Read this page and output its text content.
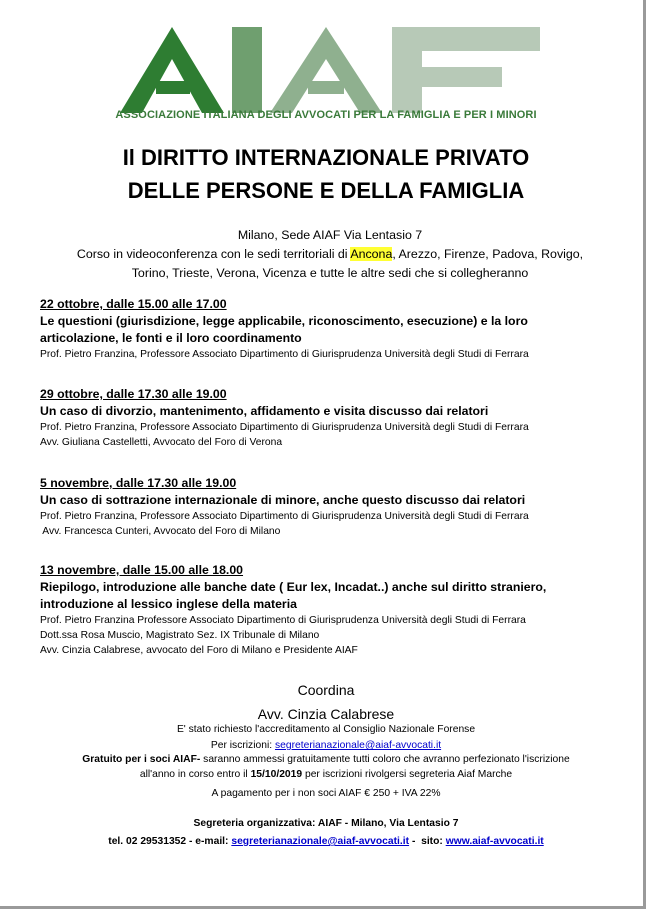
ASSOCIAZIONE ITALIANA DEGLI AVVOCATI PER LA FAMIGLIA E PER I MINORI
Il DIRITTO INTERNAZIONALE PRIVATO
DELLE PERSONE E DELLA FAMIGLIA
Milano, Sede AIAF Via Lentasio 7
Corso in videoconferenza con le sedi territoriali di Ancona, Arezzo, Firenze, Padova, Rovigo,
Torino, Trieste, Verona, Vicenza e tutte le altre sedi che si collegheranno
22 ottobre, dalle 15.00 alle 17.00
Le questioni (giurisdizione, legge applicabile, riconoscimento, esecuzione) e la loro
articolazione, le fonti e il loro coordinamento
Prof. Pietro Franzina, Professore Associato Dipartimento di Giurisprudenza Università degli Studi di Ferrara
29 ottobre, dalle 17.30 alle 19.00
Un caso di divorzio, mantenimento, affidamento e visita discusso dai relatori
Prof. Pietro Franzina, Professore Associato Dipartimento di Giurisprudenza Università degli Studi di Ferrara
Avv. Giuliana Castelletti, Avvocato del Foro di Verona
5 novembre, dalle 17.30 alle 19.00
Un caso di sottrazione internazionale di minore, anche questo discusso dai relatori
Prof. Pietro Franzina, Professore Associato Dipartimento di Giurisprudenza Università degli Studi di Ferrara
Avv. Francesca Cunteri, Avvocato del Foro di Milano
13 novembre, dalle 15.00 alle 18.00
Riepilogo, introduzione alle banche date ( Eur lex, Incadat..) anche sul diritto straniero,
introduzione al lessico inglese della materia
Prof. Pietro Franzina Professore Associato Dipartimento di Giurisprudenza Università degli Studi di Ferrara
Dott.ssa Rosa Muscio, Magistrato Sez. IX Tribunale di Milano
Avv. Cinzia Calabrese, avvocato del Foro di Milano e Presidente AIAF
Coordina
Avv. Cinzia Calabrese
E' stato richiesto l'accreditamento al Consiglio Nazionale Forense
Per iscrizioni: segreterianazionale@aiaf-avvocati.it
Gratuito per i soci AIAF- saranno ammessi gratuitamente tutti coloro che avranno perfezionato l'iscrizione
all'anno in corso entro il 15/10/2019 per iscrizioni rivolgersi segreteria Aiaf Marche
A pagamento per i non soci AIAF € 250 + IVA 22%
Segreteria organizzativa: AIAF - Milano, Via Lentasio 7
tel. 02 29531352 - e-mail: segreterianazionale@aiaf-avvocati.it -  sito: www.aiaf-avvocati.it
